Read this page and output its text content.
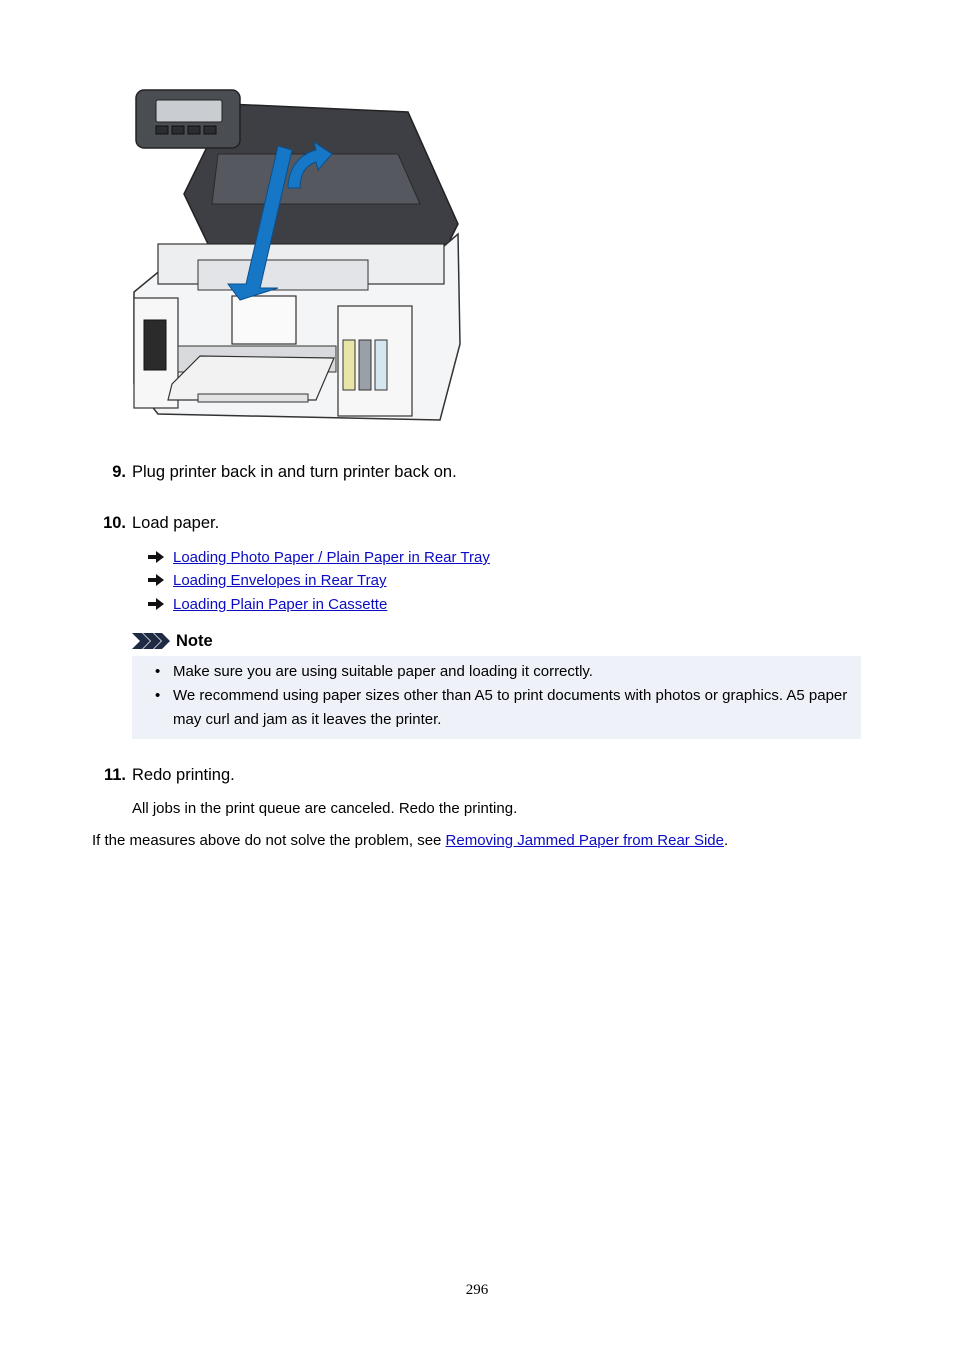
9. Plug printer back in and turn printer back on.
10. Load paper.
Loading Photo Paper / Plain Paper in Rear Tray
Loading Envelopes in Rear Tray
Loading Plain Paper in Cassette
Note
• Make sure you are using suitable paper and loading it correctly.
• We recommend using paper sizes other than A5 to print documents with photos or graphics. A5 paper may curl and jam as it leaves the printer.
11. Redo printing.
All jobs in the print queue are canceled. Redo the printing.
If the measures above do not solve the problem, see Removing Jammed Paper from Rear Side.
296
